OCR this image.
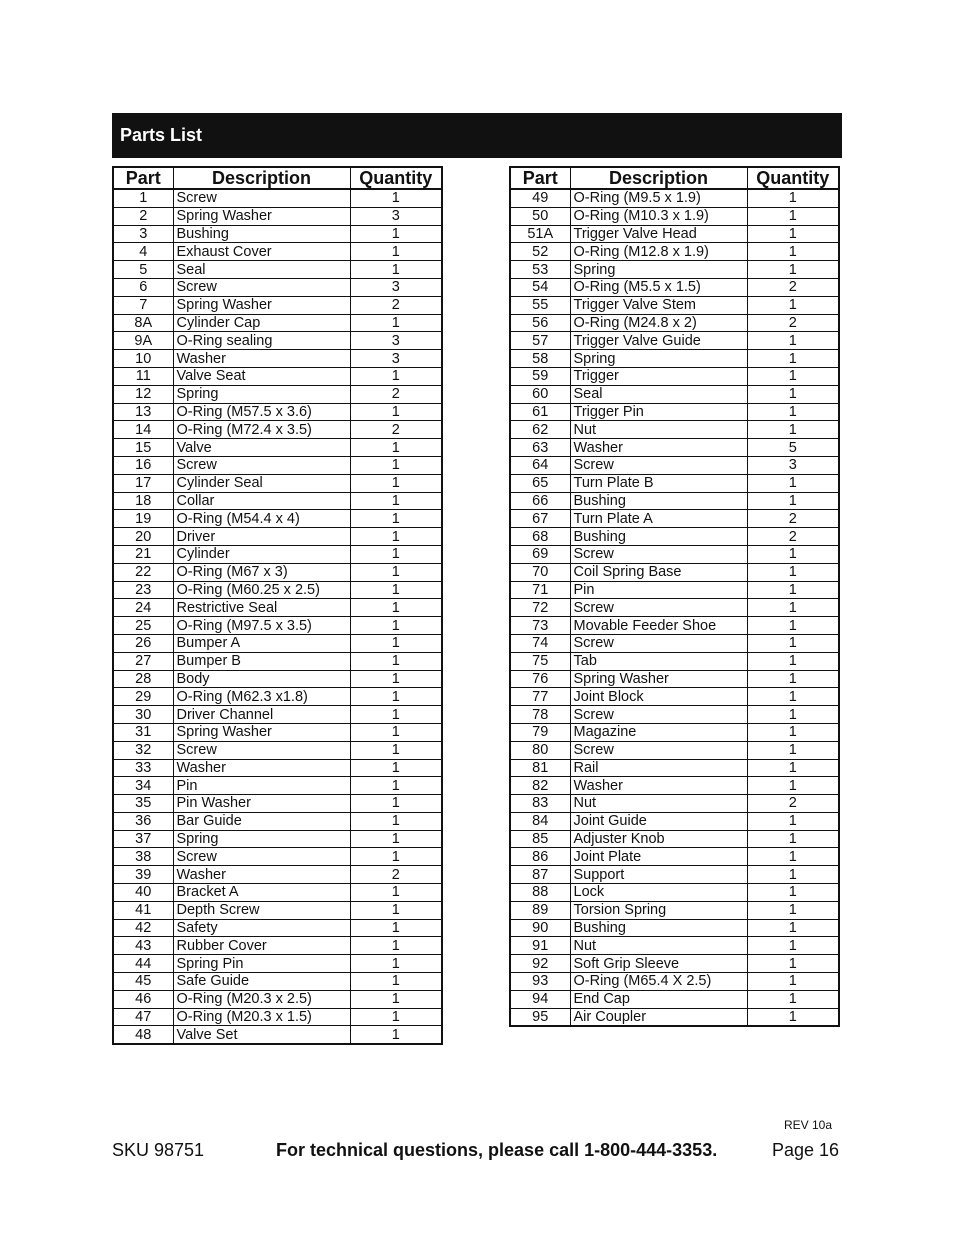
Parts List
Part	Description	Quantity
1	Screw	1
2	Spring Washer	3
3	Bushing	1
4	Exhaust Cover	1
5	Seal	1
6	Screw	3
7	Spring Washer	2
8A	Cylinder Cap	1
9A	O-Ring sealing	3
10	Washer	3
11	Valve Seat	1
12	Spring	2
13	O-Ring (M57.5 x 3.6)	1
14	O-Ring (M72.4 x 3.5)	2
15	Valve	1
16	Screw	1
17	Cylinder Seal	1
18	Collar	1
19	O-Ring (M54.4 x 4)	1
20	Driver	1
21	Cylinder	1
22	O-Ring (M67 x 3)	1
23	O-Ring (M60.25 x 2.5)	1
24	Restrictive Seal	1
25	O-Ring (M97.5 x 3.5)	1
26	Bumper A	1
27	Bumper B	1
28	Body	1
29	O-Ring (M62.3 x1.8)	1
30	Driver Channel	1
31	Spring Washer	1
32	Screw	1
33	Washer	1
34	Pin	1
35	Pin Washer	1
36	Bar Guide	1
37	Spring	1
38	Screw	1
39	Washer	2
40	Bracket A	1
41	Depth Screw	1
42	Safety	1
43	Rubber Cover	1
44	Spring Pin	1
45	Safe Guide	1
46	O-Ring (M20.3 x 2.5)	1
47	O-Ring (M20.3 x 1.5)	1
48	Valve Set	1
Part	Description	Quantity
49	O-Ring (M9.5 x 1.9)	1
50	O-Ring (M10.3 x 1.9)	1
51A	Trigger Valve Head	1
52	O-Ring (M12.8 x 1.9)	1
53	Spring	1
54	O-Ring (M5.5 x 1.5)	2
55	Trigger Valve Stem	1
56	O-Ring (M24.8 x 2)	2
57	Trigger Valve Guide	1
58	Spring	1
59	Trigger	1
60	Seal	1
61	Trigger Pin	1
62	Nut	1
63	Washer	5
64	Screw	3
65	Turn Plate B	1
66	Bushing	1
67	Turn Plate A	2
68	Bushing	2
69	Screw	1
70	Coil Spring Base	1
71	Pin	1
72	Screw	1
73	Movable Feeder Shoe	1
74	Screw	1
75	Tab	1
76	Spring Washer	1
77	Joint Block	1
78	Screw	1
79	Magazine	1
80	Screw	1
81	Rail	1
82	Washer	1
83	Nut	2
84	Joint Guide	1
85	Adjuster Knob	1
86	Joint Plate	1
87	Support	1
88	Lock	1
89	Torsion Spring	1
90	Bushing	1
91	Nut	1
92	Soft Grip Sleeve	1
93	O-Ring (M65.4 X 2.5)	1
94	End Cap	1
95	Air Coupler	1
REV 10a
SKU 98751	For technical questions, please call 1-800-444-3353.	Page 16
